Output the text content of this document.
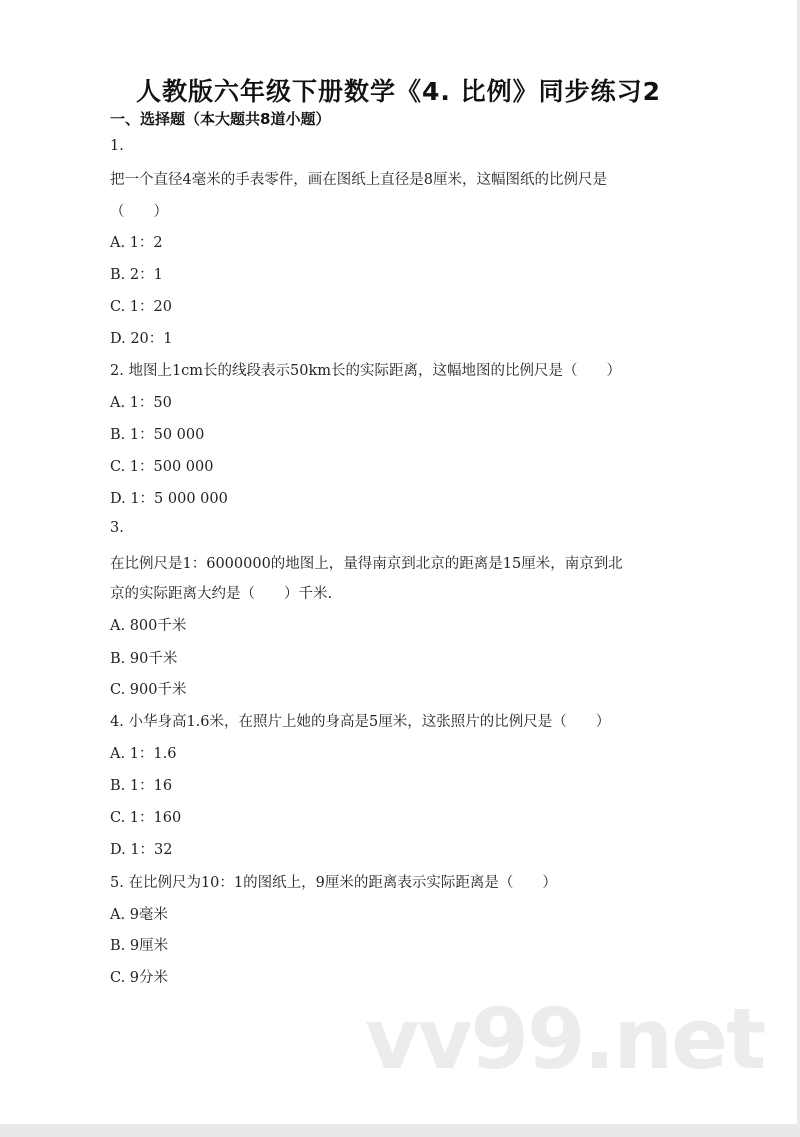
人教版六年级下册数学《4. 比例》同步练习2
一、选择题（本大题共8道小题）
1.
把一个直径4毫米的手表零件，画在图纸上直径是8厘米，这幅图纸的比例尺是
（　　）
A. 1：2
B. 2：1
C. 1：20
D. 20：1
2. 地图上1cm长的线段表示50km长的实际距离，这幅地图的比例尺是（　　）
A. 1：50
B. 1：50 000
C. 1：500 000
D. 1：5 000 000
3.
在比例尺是1：6000000的地图上，量得南京到北京的距离是15厘米，南京到北
京的实际距离大约是（　　）千米.
A. 800千米
B. 90千米
C. 900千米
4. 小华身高1.6米，在照片上她的身高是5厘米，这张照片的比例尺是（　　）
A. 1：1.6
B. 1：16
C. 1：160
D. 1：32
5. 在比例尺为10：1的图纸上，9厘米的距离表示实际距离是（　　）
A. 9毫米
B. 9厘米
C. 9分米
vv99.net
